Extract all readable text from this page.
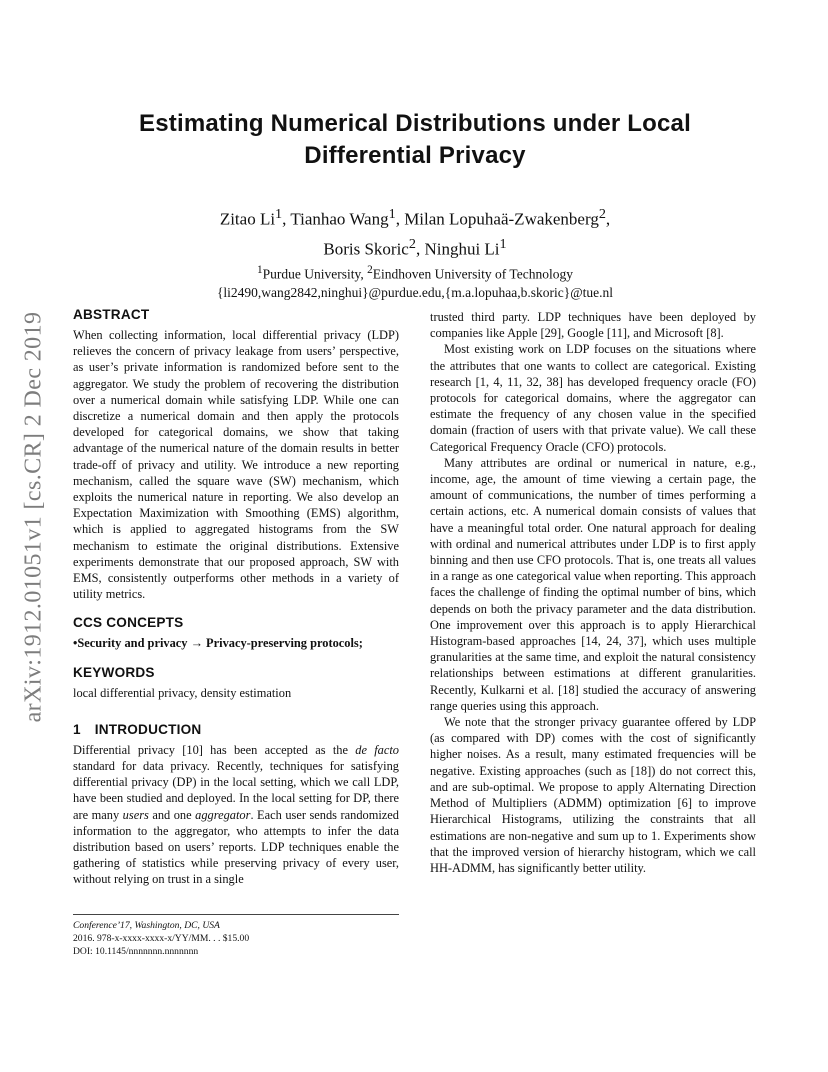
Estimating Numerical Distributions under Local
Differential Privacy
Zitao Li$^1$, Tianhao Wang$^1$, Milan Lopuhaä-Zwakenberg$^2$,
Boris Skoric$^2$, Ninghui Li$^1$
$^1$Purdue University, $^2$Eindhoven University of Technology
{li2490,wang2842,ninghui}@purdue.edu,{m.a.lopuhaa,b.skoric}@tue.nl
arXiv:1912.01051v1 [cs.CR] 2 Dec 2019 ABSTRACT

When collecting information, local differential privacy (LDP) relieves the concern of privacy leakage from users’ perspective, as user’s private information is randomized before sent to the aggregator. We study the problem of recovering the distribution over a numerical domain while satisfying LDP. While one can discretize a numerical domain and then apply the protocols developed for categorical domains, we show that taking advantage of the numerical nature of the domain results in better trade-off of privacy and utility. We introduce a new reporting mechanism, called the square wave (SW) mechanism, which exploits the numerical nature in reporting. We also develop an Expectation Maximization with Smoothing (EMS) algorithm, which is applied to aggregated histograms from the SW mechanism to estimate the original distributions. Extensive experiments demonstrate that our proposed approach, SW with EMS, consistently outperforms other methods in a variety of utility metrics.

CCS CONCEPTS

•Security and privacy → Privacy-preserving protocols;

KEYWORDS

local differential privacy, density estimation

1 INTRODUCTION

Differential privacy [10] has been accepted as the de facto standard for data privacy. Recently, techniques for satisfying differential privacy (DP) in the local setting, which we call LDP, have been studied and deployed. In the local setting for DP, there are many users and one aggregator. Each user sends randomized information to the aggregator, who attempts to infer the data distribution based on users’ reports. LDP techniques enable the gathering of statistics while preserving privacy of every user, without relying on trust in a single

Conference’17, Washington, DC, USA

2016. 978-x-xxxx-xxxx-x/YY/MM. . . $15.00

DOI: 10.1145/nnnnnnn.nnnnnnn

trusted third party. LDP techniques have been deployed by companies like Apple [29], Google [11], and Microsoft [8].

Most existing work on LDP focuses on the situations where the attributes that one wants to collect are categorical. Existing research [1, 4, 11, 32, 38] has developed frequency oracle (FO) protocols for categorical domains, where the aggregator can estimate the frequency of any chosen value in the specified domain (fraction of users with that private value). We call these Categorical Frequency Oracle (CFO) protocols.

Many attributes are ordinal or numerical in nature, e.g., income, age, the amount of time viewing a certain page, the amount of communications, the number of times performing a certain actions, etc. A numerical domain consists of values that have a meaningful total order. One natural approach for dealing with ordinal and numerical attributes under LDP is to first apply binning and then use CFO protocols. That is, one treats all values in a range as one categorical value when reporting. This approach faces the challenge of finding the optimal number of bins, which depends on both the privacy parameter and the data distribution. One improvement over this approach is to apply Hierarchical Histogram-based approaches [14, 24, 37], which uses multiple granularities at the same time, and exploit the natural consistency relationships between estimations at different granularities. Recently, Kulkarni et al. [18] studied the accuracy of answering range queries using this approach.

We note that the stronger privacy guarantee offered by LDP (as compared with DP) comes with the cost of significantly higher noises. As a result, many estimated frequencies will be negative. Existing approaches (such as [18]) do not correct this, and are sub-optimal. We propose to apply Alternating Direction Method of Multipliers (ADMM) optimization [6] to improve Hierarchical Histograms, utilizing the constraints that all estimations are non-negative and sum up to 1. Experiments show that the improved version of hierarchy histogram, which we call HH-ADMM, has significantly better utility.
